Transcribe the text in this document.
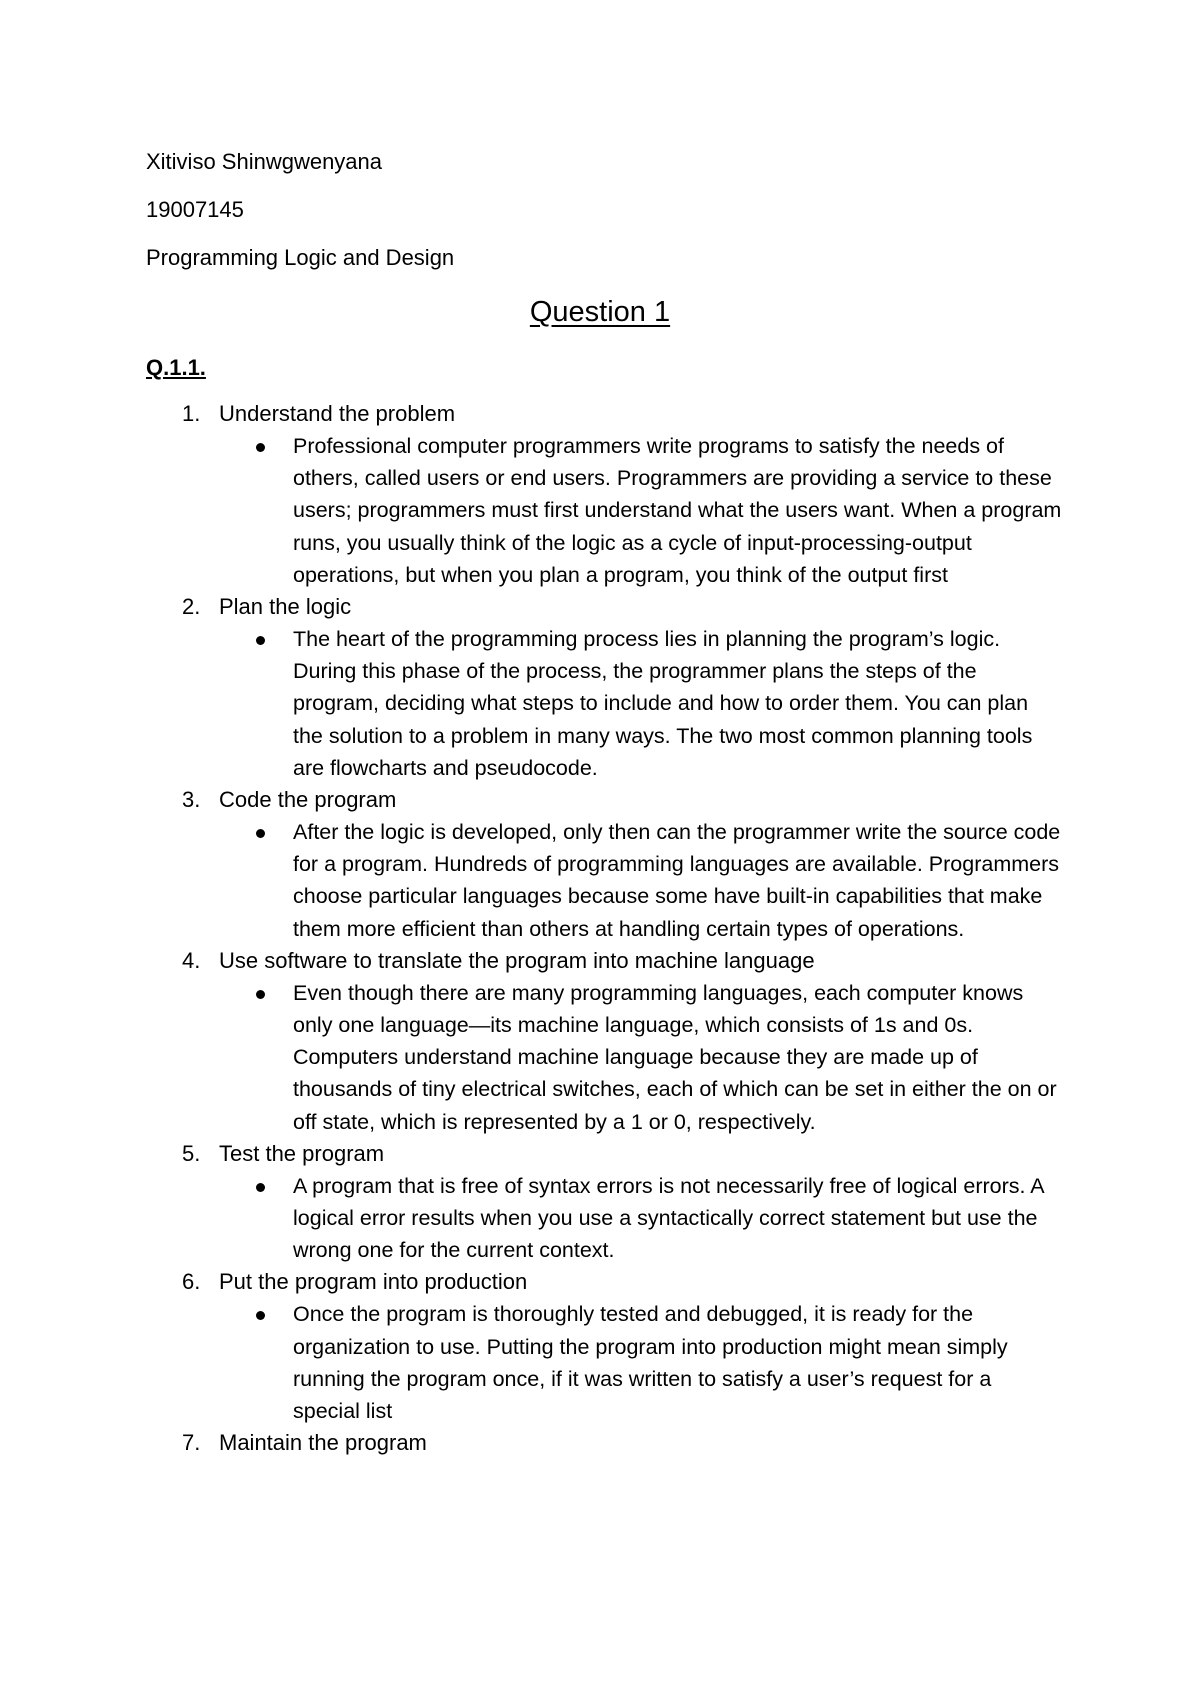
Xitiviso Shinwgwenyana
19007145
Programming Logic and Design
Question 1
Q.1.1.
1. Understand the problem
Professional computer programmers write programs to satisfy the needs of others, called users or end users. Programmers are providing a service to these users; programmers must first understand what the users want. When a program runs, you usually think of the logic as a cycle of input-processing-output operations, but when you plan a program, you think of the output first
2. Plan the logic
The heart of the programming process lies in planning the program’s logic. During this phase of the process, the programmer plans the steps of the program, deciding what steps to include and how to order them. You can plan the solution to a problem in many ways. The two most common planning tools are flowcharts and pseudocode.
3. Code the program
After the logic is developed, only then can the programmer write the source code for a program. Hundreds of programming languages are available. Programmers choose particular languages because some have built-in capabilities that make them more efficient than others at handling certain types of operations.
4. Use software to translate the program into machine language
Even though there are many programming languages, each computer knows only one language—its machine language, which consists of 1s and 0s. Computers understand machine language because they are made up of thousands of tiny electrical switches, each of which can be set in either the on or off state, which is represented by a 1 or 0, respectively.
5. Test the program
A program that is free of syntax errors is not necessarily free of logical errors. A logical error results when you use a syntactically correct statement but use the wrong one for the current context.
6. Put the program into production
Once the program is thoroughly tested and debugged, it is ready for the organization to use. Putting the program into production might mean simply running the program once, if it was written to satisfy a user’s request for a special list
7. Maintain the program
